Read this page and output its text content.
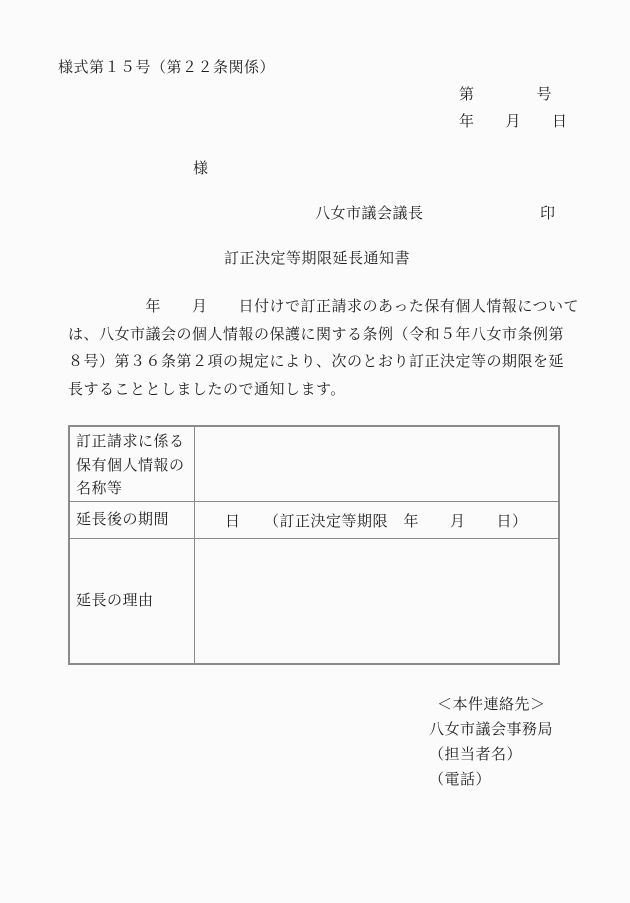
様式第１５号（第２２条関係）
第　　　　号
年　　月　　日
様
八女市議会議長	印
訂正決定等期限延長通知書
　　　　　年　　月　　日付けで訂正請求のあった保有個人情報について
は、八女市議会の個人情報の保護に関する条例（令和５年八女市条例第
８号）第３６条第２項の規定により、次のとおり訂正決定等の期限を延
長することとしましたので通知します。
訂正請求に係る保有個人情報の名称等
延長後の期間	日　　（訂正決定等期限　年　　月　　日）
延長の理由
＜本件連絡先＞
八女市議会事務局
（担当者名）
（電話）
